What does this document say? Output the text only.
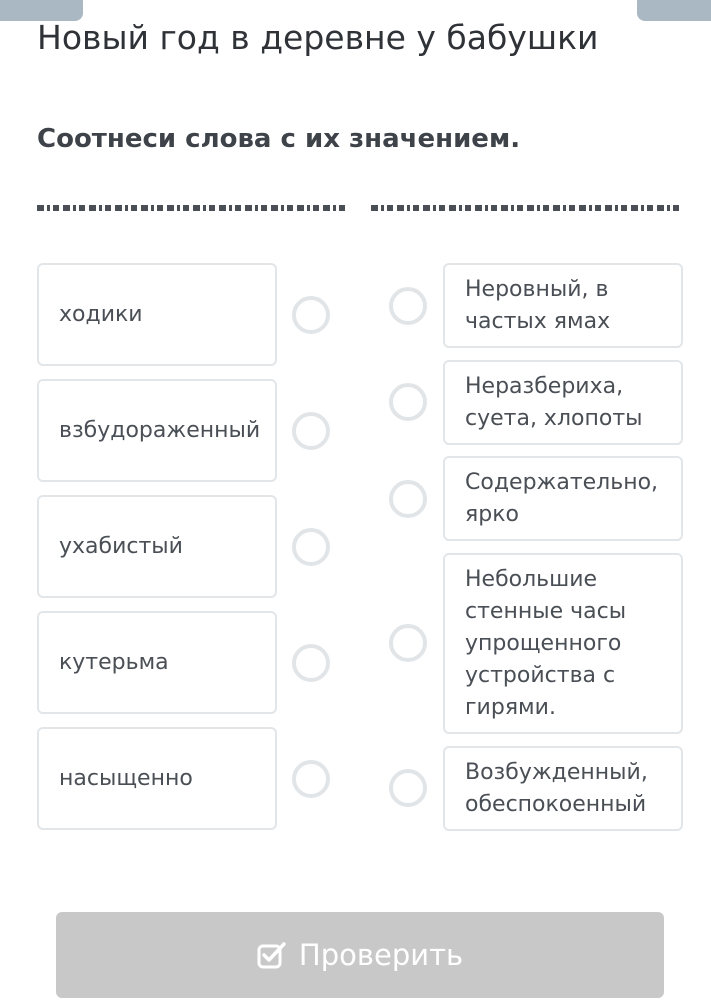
Новый год в деревне у бабушки
Соотнеси слова с их значением.
ходики
взбудораженный
ухабистый
кутерьма
насыщенно
Неровный, в частых ямах
Неразбериха, суета, хлопоты
Содержательно, ярко
Небольшие стенные часы упрощенного устройства с гирями.
Возбужденный, обеспокоенный
Проверить
